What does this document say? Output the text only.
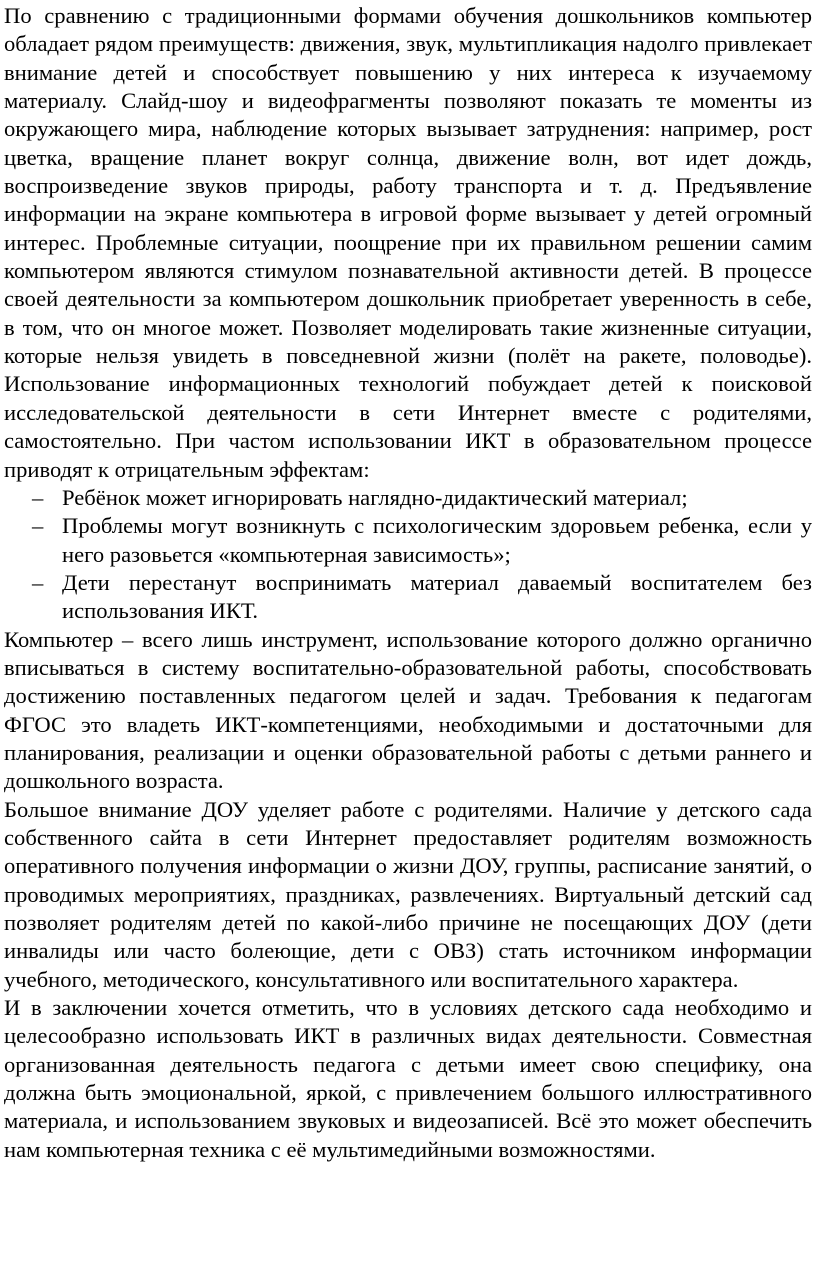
По сравнению с традиционными формами обучения дошкольников компьютер обладает рядом преимуществ: движения, звук, мультипликация надолго привлекает внимание детей и способствует повышению у них интереса к изучаемому материалу. Слайд-шоу и видеофрагменты позволяют показать те моменты из окружающего мира, наблюдение которых вызывает затруднения: например, рост цветка, вращение планет вокруг солнца, движение волн, вот идет дождь, воспроизведение звуков природы, работу транспорта и т. д. Предъявление информации на экране компьютера в игровой форме вызывает у детей огромный интерес. Проблемные ситуации, поощрение при их правильном решении самим компьютером являются стимулом познавательной активности детей. В процессе своей деятельности за компьютером дошкольник приобретает уверенность в себе, в том, что он многое может. Позволяет моделировать такие жизненные ситуации, которые нельзя увидеть в повседневной жизни (полёт на ракете, половодье). Использование информационных технологий побуждает детей к поисковой исследовательской деятельности в сети Интернет вместе с родителями, самостоятельно. При частом использовании ИКТ в образовательном процессе приводят к отрицательным эффектам:

– Ребёнок может игнорировать наглядно-дидактический материал;
– Проблемы могут возникнуть с психологическим здоровьем ребенка, если у него разовьется «компьютерная зависимость»;
– Дети перестанут воспринимать материал даваемый воспитателем без использования ИКТ.

Компьютер – всего лишь инструмент, использование которого должно органично вписываться в систему воспитательно-образовательной работы, способствовать достижению поставленных педагогом целей и задач. Требования к педагогам ФГОС это владеть ИКТ-компетенциями, необходимыми и достаточными для планирования, реализации и оценки образовательной работы с детьми раннего и дошкольного возраста.

Большое внимание ДОУ уделяет работе с родителями. Наличие у детского сада собственного сайта в сети Интернет предоставляет родителям возможность оперативного получения информации о жизни ДОУ, группы, расписание занятий, о проводимых мероприятиях, праздниках, развлечениях. Виртуальный детский сад позволяет родителям детей по какой-либо причине не посещающих ДОУ (дети инвалиды или часто болеющие, дети с ОВЗ) стать источником информации учебного, методического, консультативного или воспитательного характера.

И в заключении хочется отметить, что в условиях детского сада необходимо и целесообразно использовать ИКТ в различных видах деятельности. Совместная организованная деятельность педагога с детьми имеет свою специфику, она должна быть эмоциональной, яркой, с привлечением большого иллюстративного материала, и использованием звуковых и видеозаписей. Всё это может обеспечить нам компьютерная техника с её мультимедийными возможностями.
